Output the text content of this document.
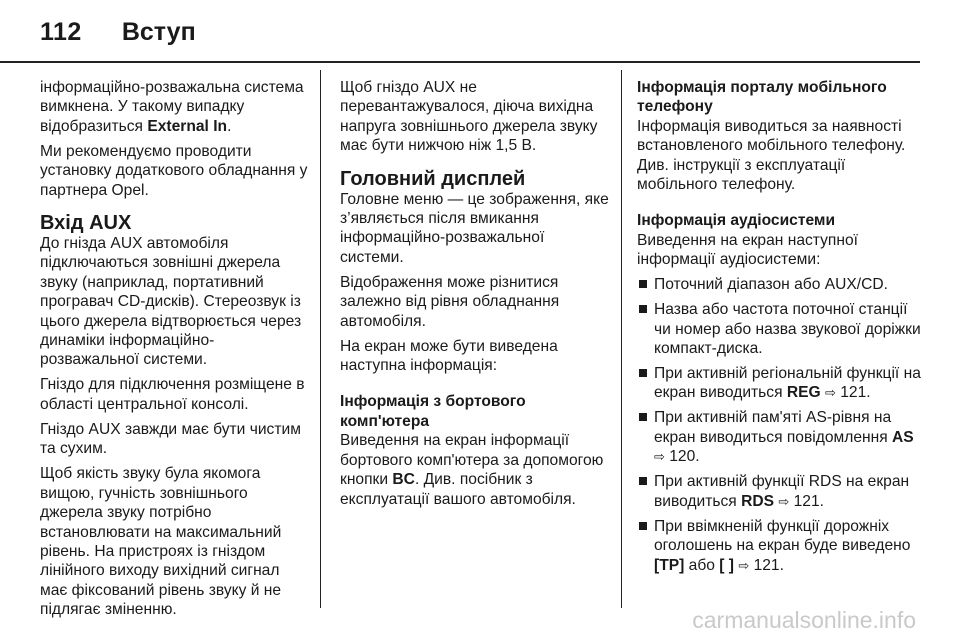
112 Вступ

інформаційно-розважальна система вимкнена. У такому випадку відобразиться External In.

Ми рекомендуємо проводити установку додаткового обладнання у партнера Opel.

Вхід AUX

До гнізда AUX автомобіля підключаються зовнішні джерела звуку (наприклад, портативний програвач CD-дисків). Стереозвук із цього джерела відтворюється через динаміки інформаційно-розважальної системи.

Гніздо для підключення розміщене в області центральної консолі.

Гніздо AUX завжди має бути чистим та сухим.

Щоб якість звуку була якомога вищою, гучність зовнішнього джерела звуку потрібно встановлювати на максимальний рівень. На пристроях із гніздом лінійного виходу вихідний сигнал має фіксований рівень звуку й не підлягає зміненню.

Щоб гніздо AUX не перевантажувалося, діюча вихідна напруга зовнішнього джерела звуку має бути нижчою ніж 1,5 В.

Головний дисплей

Головне меню — це зображення, яке з’являється після вмикання інформаційно-розважальної системи.

Відображення може різнитися залежно від рівня обладнання автомобіля.

На екран може бути виведена наступна інформація:

Інформація з бортового комп'ютера

Виведення на екран інформації бортового комп'ютера за допомогою кнопки BC. Див. посібник з експлуатації вашого автомобіля.

Інформація порталу мобільного телефону

Інформація виводиться за наявності встановленого мобільного телефону. Див. інструкції з експлуатації мобільного телефону.

Інформація аудіосистеми

Виведення на екран наступної інформації аудіосистеми:

Поточний діапазон або AUX/CD.
Назва або частота поточної станції чи номер або назва звукової доріжки компакт-диска.
При активній регіональній функції на екран виводиться REG ⇨ 121.
При активній пам'яті AS-рівня на екран виводиться повідомлення AS ⇨ 120.
При активній функції RDS на екран виводиться RDS ⇨ 121.
При ввімкненій функції дорожніх оголошень на екран буде виведено [TP] або [ ] ⇨ 121.
carmanualsonline.info
